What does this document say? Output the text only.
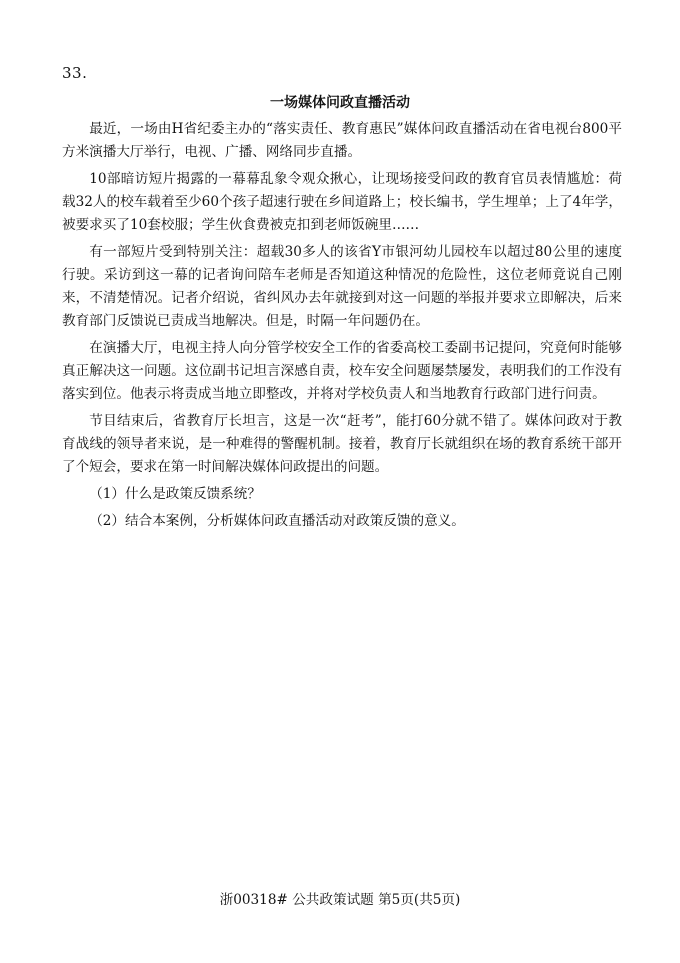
33.
一场媒体问政直播活动

最近，一场由H省纪委主办的“落实责任、教育惠民”媒体问政直播活动在省电视台800平方米演播大厅举行，电视、广播、网络同步直播。

10部暗访短片揭露的一幕幕乱象令观众揪心，让现场接受问政的教育官员表情尴尬：荷载32人的校车载着至少60个孩子超速行驶在乡间道路上；校长编书，学生埋单；上了4年学，被要求买了10套校服；学生伙食费被克扣到老师饭碗里……

有一部短片受到特别关注：超载30多人的该省Y市银河幼儿园校车以超过80公里的速度行驶。采访到这一幕的记者询问陪车老师是否知道这种情况的危险性，这位老师竟说自己刚来，不清楚情况。记者介绍说，省纠风办去年就接到对这一问题的举报并要求立即解决，后来教育部门反馈说已责成当地解决。但是，时隔一年问题仍在。

在演播大厅，电视主持人向分管学校安全工作的省委高校工委副书记提问，究竟何时能够真正解决这一问题。这位副书记坦言深感自责，校车安全问题屡禁屡发，表明我们的工作没有落实到位。他表示将责成当地立即整改，并将对学校负责人和当地教育行政部门进行问责。

节目结束后，省教育厅长坦言，这是一次“赶考”，能打60分就不错了。媒体问政对于教育战线的领导者来说，是一种难得的警醒机制。接着，教育厅长就组织在场的教育系统干部开了个短会，要求在第一时间解决媒体问政提出的问题。

（1）什么是政策反馈系统？

（2）结合本案例，分析媒体问政直播活动对政策反馈的意义。

浙00318# 公共政策试题 第5页(共5页)
